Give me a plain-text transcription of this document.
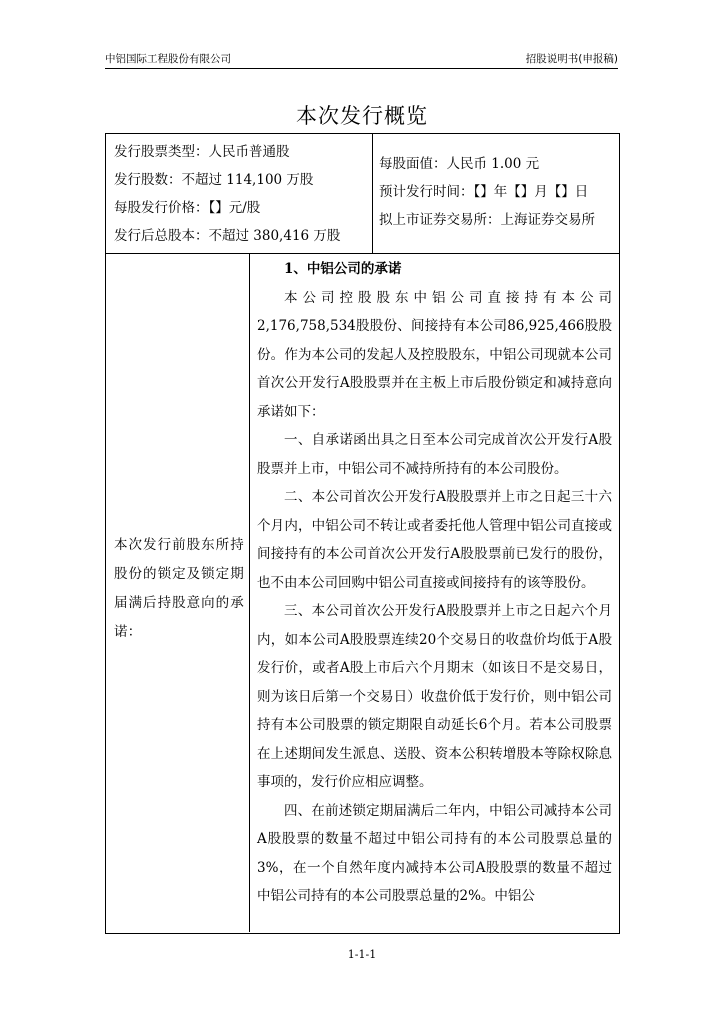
中铝国际工程股份有限公司	招股说明书(申报稿)
本次发行概览
发行股票类型：人民币普通股
发行股数：不超过 114,100 万股
每股发行价格：【】元/股
发行后总股本：不超过 380,416 万股
每股面值：人民币 1.00 元
预计发行时间：【】年【】月【】日
拟上市证券交易所：上海证券交易所
本次发行前股东所持股份的锁定及锁定期届满后持股意向的承诺：

1、中铝公司的承诺

本公司控股股东中铝公司直接持有本公司2,176,758,534股股份、间接持有本公司86,925,466股股份。作为本公司的发起人及控股股东，中铝公司现就本公司首次公开发行A股股票并在主板上市后股份锁定和减持意向承诺如下：

一、自承诺函出具之日至本公司完成首次公开发行A股股票并上市，中铝公司不减持所持有的本公司股份。

二、本公司首次公开发行A股股票并上市之日起三十六个月内，中铝公司不转让或者委托他人管理中铝公司直接或间接持有的本公司首次公开发行A股股票前已发行的股份，也不由本公司回购中铝公司直接或间接持有的该等股份。

三、本公司首次公开发行A股股票并上市之日起六个月内，如本公司A股股票连续20个交易日的收盘价均低于A股发行价，或者A股上市后六个月期末（如该日不是交易日，则为该日后第一个交易日）收盘价低于发行价，则中铝公司持有本公司股票的锁定期限自动延长6个月。若本公司股票在上述期间发生派息、送股、资本公积转增股本等除权除息事项的，发行价应相应调整。

四、在前述锁定期届满后二年内，中铝公司减持本公司A股股票的数量不超过中铝公司持有的本公司股票总量的3%，在一个自然年度内减持本公司A股股票的数量不超过中铝公司持有的本公司股票总量的2%。中铝公

1-1-1
